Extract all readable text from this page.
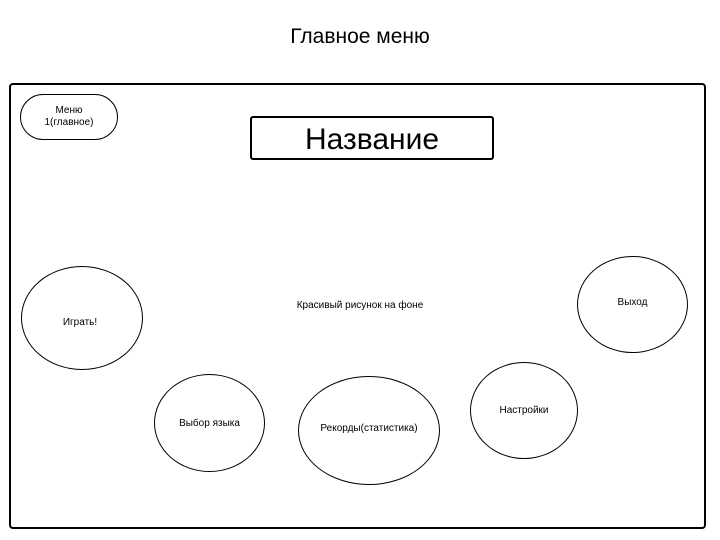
Главное меню
Меню
1(главное)
Название
Красивый рисунок на фоне
Играть!
Выход
Настройки
Рекорды(статистика)
Выбор языка
